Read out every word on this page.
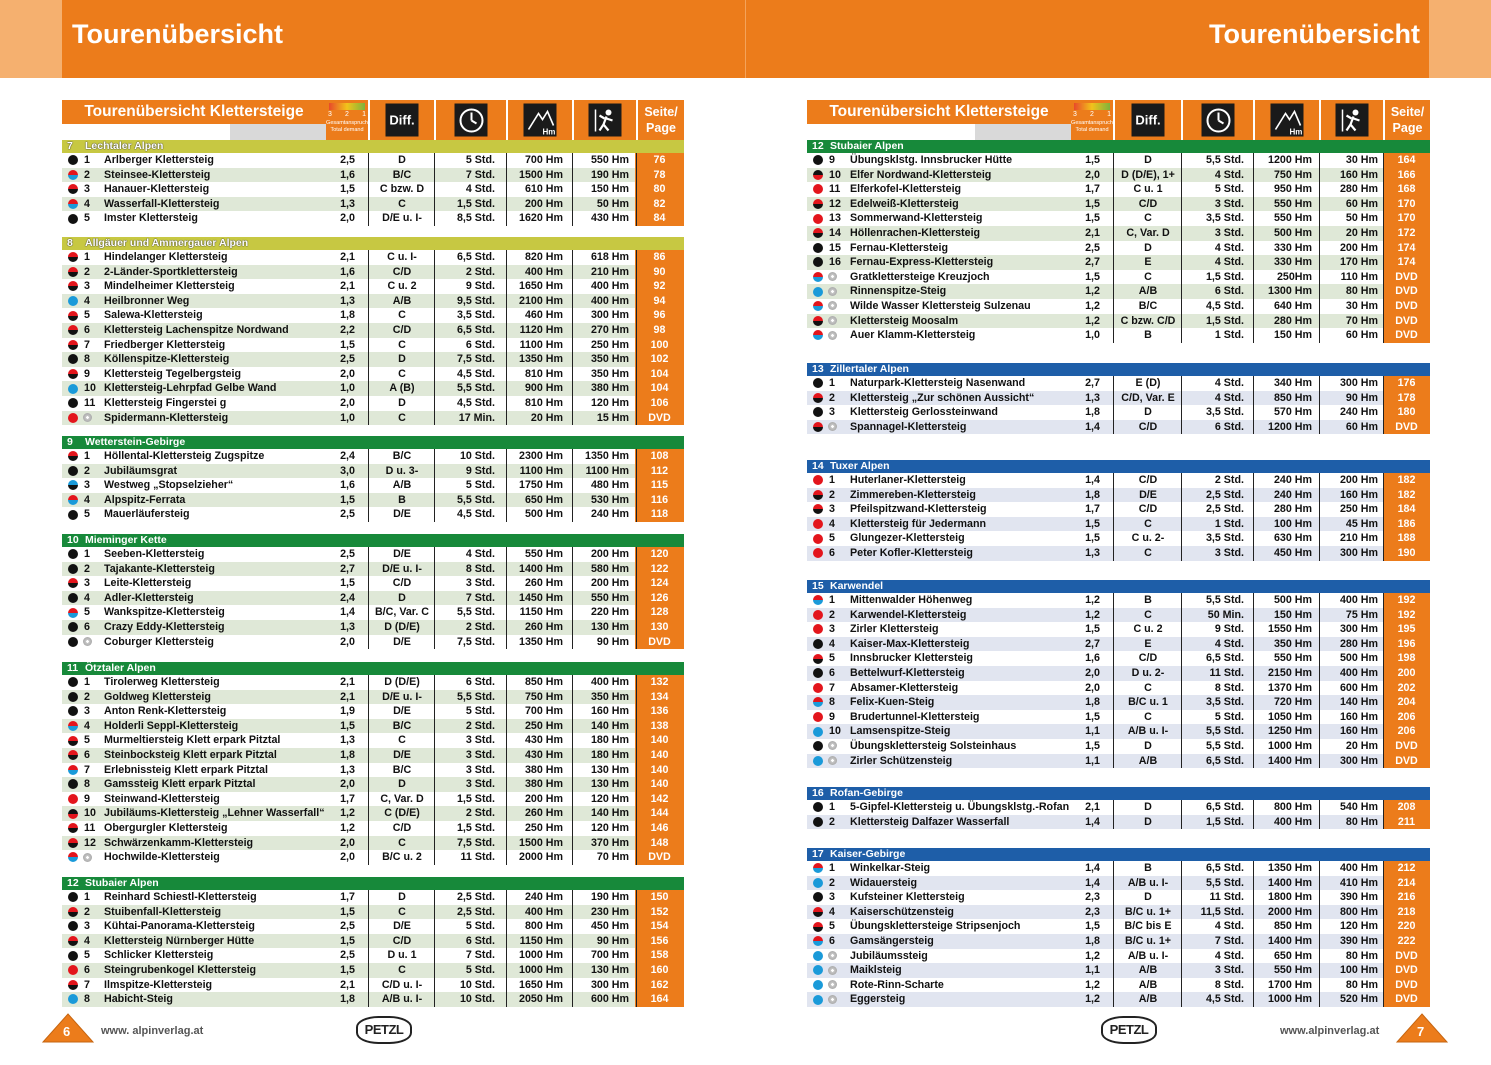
Tourenübersicht	Tourenübersicht
Tourenübersicht Klettersteige	3 2 1
Gesamtanspruch Total demand
Diff.
Hm
Seite/ Page
Tourenübersicht Klettersteige	3 2 1
Gesamtanspruch Total demand
Diff.
Hm
Seite/ Page
7 Lechtaler Alpen
1	Arlberger Klettersteig	2,5	D	5 Std.	700 Hm	550 Hm	76
2	Steinsee-Klettersteig	1,6	B/C	7 Std.	1500 Hm	190 Hm	78
3	Hanauer-Klettersteig	1,5	C bzw. D	4 Std.	610 Hm	150 Hm	80
4	Wasserfall-Klettersteig	1,3	C	1,5 Std.	200 Hm	50 Hm	82
5	Imster Klettersteig	2,0	D/E u. I-	8,5 Std.	1620 Hm	430 Hm	84
8 Allgäuer und Ammergauer Alpen
1	Hindelanger Klettersteig	2,1	C u. I-	6,5 Std.	820 Hm	618 Hm	86
2	2-Länder-Sportklettersteig	1,6	C/D	2 Std.	400 Hm	210 Hm	90
3	Mindelheimer Klettersteig	2,1	C u. 2	9 Std.	1650 Hm	400 Hm	92
4	Heilbronner Weg	1,3	A/B	9,5 Std.	2100 Hm	400 Hm	94
5	Salewa-Klettersteig	1,8	C	3,5 Std.	460 Hm	300 Hm	96
6	Klettersteig Lachenspitze Nordwand	2,2	C/D	6,5 Std.	1120 Hm	270 Hm	98
7	Friedberger Klettersteig	1,5	C	6 Std.	1100 Hm	250 Hm	100
8	Köllenspitze-Klettersteig	2,5	D	7,5 Std.	1350 Hm	350 Hm	102
9	Klettersteig Tegelbergsteig	2,0	C	4,5 Std.	810 Hm	350 Hm	104
10 Klettersteig-Lehrpfad Gelbe Wand	1,0	A (B)	5,5 Std.	900 Hm	380 Hm	104
11 Klettersteig Fingerstei g	2,0	D	4,5 Std.	810 Hm	120 Hm	106
Spidermann-Klettersteig	1,0	C	17 Min.	20 Hm	15 Hm	DVD
9 Wetterstein-Gebirge
1	Höllental-Klettersteig Zugspitze	2,4	B/C	10 Std.	2300 Hm	1350 Hm	108
2	Jubiläumsgrat	3,0	D u. 3-	9 Std.	1100 Hm	1100 Hm	112
3	Westweg „Stopselzieher“	1,6	A/B	5 Std.	1750 Hm	480 Hm	115
4	Alpspitz-Ferrata	1,5	B	5,5 Std.	650 Hm	530 Hm	116
5	Mauerläufersteig	2,5	D/E	4,5 Std.	500 Hm	240 Hm	118
10 Mieminger Kette
1	Seeben-Klettersteig	2,5	D/E	4 Std.	550 Hm	200 Hm	120
2	Tajakante-Klettersteig	2,7	D/E u. I-	8 Std.	1400 Hm	580 Hm	122
3	Leite-Klettersteig	1,5	C/D	3 Std.	260 Hm	200 Hm	124
4	Adler-Klettersteig	2,4	D	7 Std.	1450 Hm	550 Hm	126
5	Wankspitze-Klettersteig	1,4	B/C, Var. C	5,5 Std.	1150 Hm	220 Hm	128
6	Crazy Eddy-Klettersteig	1,3	D (D/E)	2 Std.	260 Hm	130 Hm	130
Coburger Klettersteig	2,0	D/E	7,5 Std.	1350 Hm	90 Hm	DVD
11 Ötztaler Alpen
1	Tirolerweg Klettersteig	2,1	D (D/E)	6 Std.	850 Hm	400 Hm	132
2	Goldweg Klettersteig	2,1	D/E u. I-	5,5 Std.	750 Hm	350 Hm	134
3	Anton Renk-Klettersteig	1,9	D/E	5 Std.	700 Hm	160 Hm	136
4	Holderli Seppl-Klettersteig	1,5	B/C	2 Std.	250 Hm	140 Hm	138
5	Murmeltiersteig Klett erpark Pitztal	1,3	C	3 Std.	430 Hm	180 Hm	140
6	Steinbocksteig Klett erpark Pitztal	1,8	D/E	3 Std.	430 Hm	180 Hm	140
7	Erlebnissteig Klett erpark Pitztal	1,3	B/C	3 Std.	380 Hm	130 Hm	140
8	Gamssteig Klett erpark Pitztal	2,0	D	3 Std.	380 Hm	130 Hm	140
9	Steinwand-Klettersteig	1,7	C, Var. D	1,5 Std.	200 Hm	120 Hm	142
10 Jubiläums-Klettersteig „Lehner Wasserfall“	1,2	C (D/E)	2 Std.	260 Hm	140 Hm	144
11 Obergurgler Klettersteig	1,2	C/D	1,5 Std.	250 Hm	120 Hm	146
12 Schwärzenkamm-Klettersteig	2,0	C	7,5 Std.	1500 Hm	370 Hm	148
Hochwilde-Klettersteig	2,0	B/C u. 2	11 Std.	2000 Hm	70 Hm	DVD
12 Stubaier Alpen
1	Reinhard Schiestl-Klettersteig	1,7	D	2,5 Std.	240 Hm	190 Hm	150
2	Stuibenfall-Klettersteig	1,5	C	2,5 Std.	400 Hm	230 Hm	152
3	Kühtai-Panorama-Klettersteig	2,5	D/E	5 Std.	800 Hm	450 Hm	154
4	Klettersteig Nürnberger Hütte	1,5	C/D	6 Std.	1150 Hm	90 Hm	156
5	Schlicker Klettersteig	2,5	D u. 1	7 Std.	1000 Hm	700 Hm	158
6	Steingrubenkogel Klettersteig	1,5	C	5 Std.	1000 Hm	130 Hm	160
7	Ilmspitze-Klettersteig	2,1	C/D u. I-	10 Std.	1650 Hm	300 Hm	162
8	Habicht-Steig	1,8	A/B u. I-	10 Std.	2050 Hm	600 Hm	164
12 Stubaier Alpen
9	Übungsklstg. Innsbrucker Hütte	1,5	D	5,5 Std.	1200 Hm	30 Hm	164
10 Elfer Nordwand-Klettersteig	2,0	D (D/E), 1+	4 Std.	750 Hm	160 Hm	166
11 Elferkofel-Klettersteig	1,7	C u. 1	5 Std.	950 Hm	280 Hm	168
12 Edelweiß-Klettersteig	1,5	C/D	3 Std.	550 Hm	60 Hm	170
13 Sommerwand-Klettersteig	1,5	C	3,5 Std.	550 Hm	50 Hm	170
14 Höllenrachen-Klettersteig	2,1	C, Var. D	3 Std.	500 Hm	20 Hm	172
15 Fernau-Klettersteig	2,5	D	4 Std.	330 Hm	200 Hm	174
16 Fernau-Express-Klettersteig	2,7	E	4 Std.	330 Hm	170 Hm	174
Gratklettersteige Kreuzjoch	1,5	C	1,5 Std.	250Hm	110 Hm	DVD
Rinnenspitze-Steig	1,2	A/B	6 Std.	1300 Hm	80 Hm	DVD
Wilde Wasser Klettersteig Sulzenau	1,2	B/C	4,5 Std.	640 Hm	30 Hm	DVD
Klettersteig Moosalm	1,2	C bzw. C/D	1,5 Std.	280 Hm	70 Hm	DVD
Auer Klamm-Klettersteig	1,0	B	1 Std.	150 Hm	60 Hm	DVD
13 Zillertaler Alpen
1	Naturpark-Klettersteig Nasenwand	2,7	E (D)	4 Std.	340 Hm	300 Hm	176
2	Klettersteig „Zur schönen Aussicht“	1,3	C/D, Var. E	4 Std.	850 Hm	90 Hm	178
3	Klettersteig Gerlossteinwand	1,8	D	3,5 Std.	570 Hm	240 Hm	180
Spannagel-Klettersteig	1,4	C/D	6 Std.	1200 Hm	60 Hm	DVD
14 Tuxer Alpen
1	Huterlaner-Klettersteig	1,4	C/D	2 Std.	240 Hm	200 Hm	182
2	Zimmereben-Klettersteig	1,8	D/E	2,5 Std.	240 Hm	160 Hm	182
3	Pfeilspitzwand-Klettersteig	1,7	C/D	2,5 Std.	280 Hm	250 Hm	184
4	Klettersteig für Jedermann	1,5	C	1 Std.	100 Hm	45 Hm	186
5	Glungezer-Klettersteig	1,5	C u. 2-	3,5 Std.	630 Hm	210 Hm	188
6	Peter Kofler-Klettersteig	1,3	C	3 Std.	450 Hm	300 Hm	190
15 Karwendel
1	Mittenwalder Höhenweg	1,2	B	5,5 Std.	500 Hm	400 Hm	192
2	Karwendel-Klettersteig	1,2	C	50 Min.	150 Hm	75 Hm	192
3	Zirler Klettersteig	1,5	C u. 2	9 Std.	1550 Hm	300 Hm	195
4	Kaiser-Max-Klettersteig	2,7	E	4 Std.	350 Hm	280 Hm	196
5	Innsbrucker Klettersteig	1,6	C/D	6,5 Std.	550 Hm	500 Hm	198
6	Bettelwurf-Klettersteig	2,0	D u. 2-	11 Std.	2150 Hm	400 Hm	200
7	Absamer-Klettersteig	2,0	C	8 Std.	1370 Hm	600 Hm	202
8	Felix-Kuen-Steig	1,8	B/C u. 1	3,5 Std.	720 Hm	140 Hm	204
9	Brudertunnel-Klettersteig	1,5	C	5 Std.	1050 Hm	160 Hm	206
10 Lamsenspitze-Steig	1,1	A/B u. I-	5,5 Std.	1250 Hm	160 Hm	206
Übungsklettersteig Solsteinhaus	1,5	D	5,5 Std.	1000 Hm	20 Hm	DVD
Zirler Schützensteig	1,1	A/B	6,5 Std.	1400 Hm	300 Hm	DVD
16 Rofan-Gebirge
1	5-Gipfel-Klettersteig u. Übungsklstg.-Rofan	2,1	D	6,5 Std.	800 Hm	540 Hm	208
2	Klettersteig Dalfazer Wasserfall	1,4	D	1,5 Std.	400 Hm	80 Hm	211
17 Kaiser-Gebirge
1	Winkelkar-Steig	1,4	B	6,5 Std.	1350 Hm	400 Hm	212
2	Widauersteig	1,4	A/B u. I-	5,5 Std.	1400 Hm	410 Hm	214
3	Kufsteiner Klettersteig	2,3	D	11 Std.	1800 Hm	390 Hm	216
4	Kaiserschützensteig	2,3	B/C u. 1+	11,5 Std.	2000 Hm	800 Hm	218
5	Übungsklettersteige Stripsenjoch	1,5	B/C bis E	4 Std.	850 Hm	120 Hm	220
6	Gamsängersteig	1,8	B/C u. 1+	7 Std.	1400 Hm	390 Hm	222
Jubiläumssteig	1,2	A/B u. I-	4 Std.	650 Hm	80 Hm	DVD
Maiklsteig	1,1	A/B	3 Std.	550 Hm	100 Hm	DVD
Rote-Rinn-Scharte	1,2	A/B	8 Std.	1700 Hm	80 Hm	DVD
Eggersteig	1,2	A/B	4,5 Std.	1000 Hm	520 Hm	DVD
6	www. alpinverlag.at	PETZL	7
www.alpinverlag.at
PETZL
